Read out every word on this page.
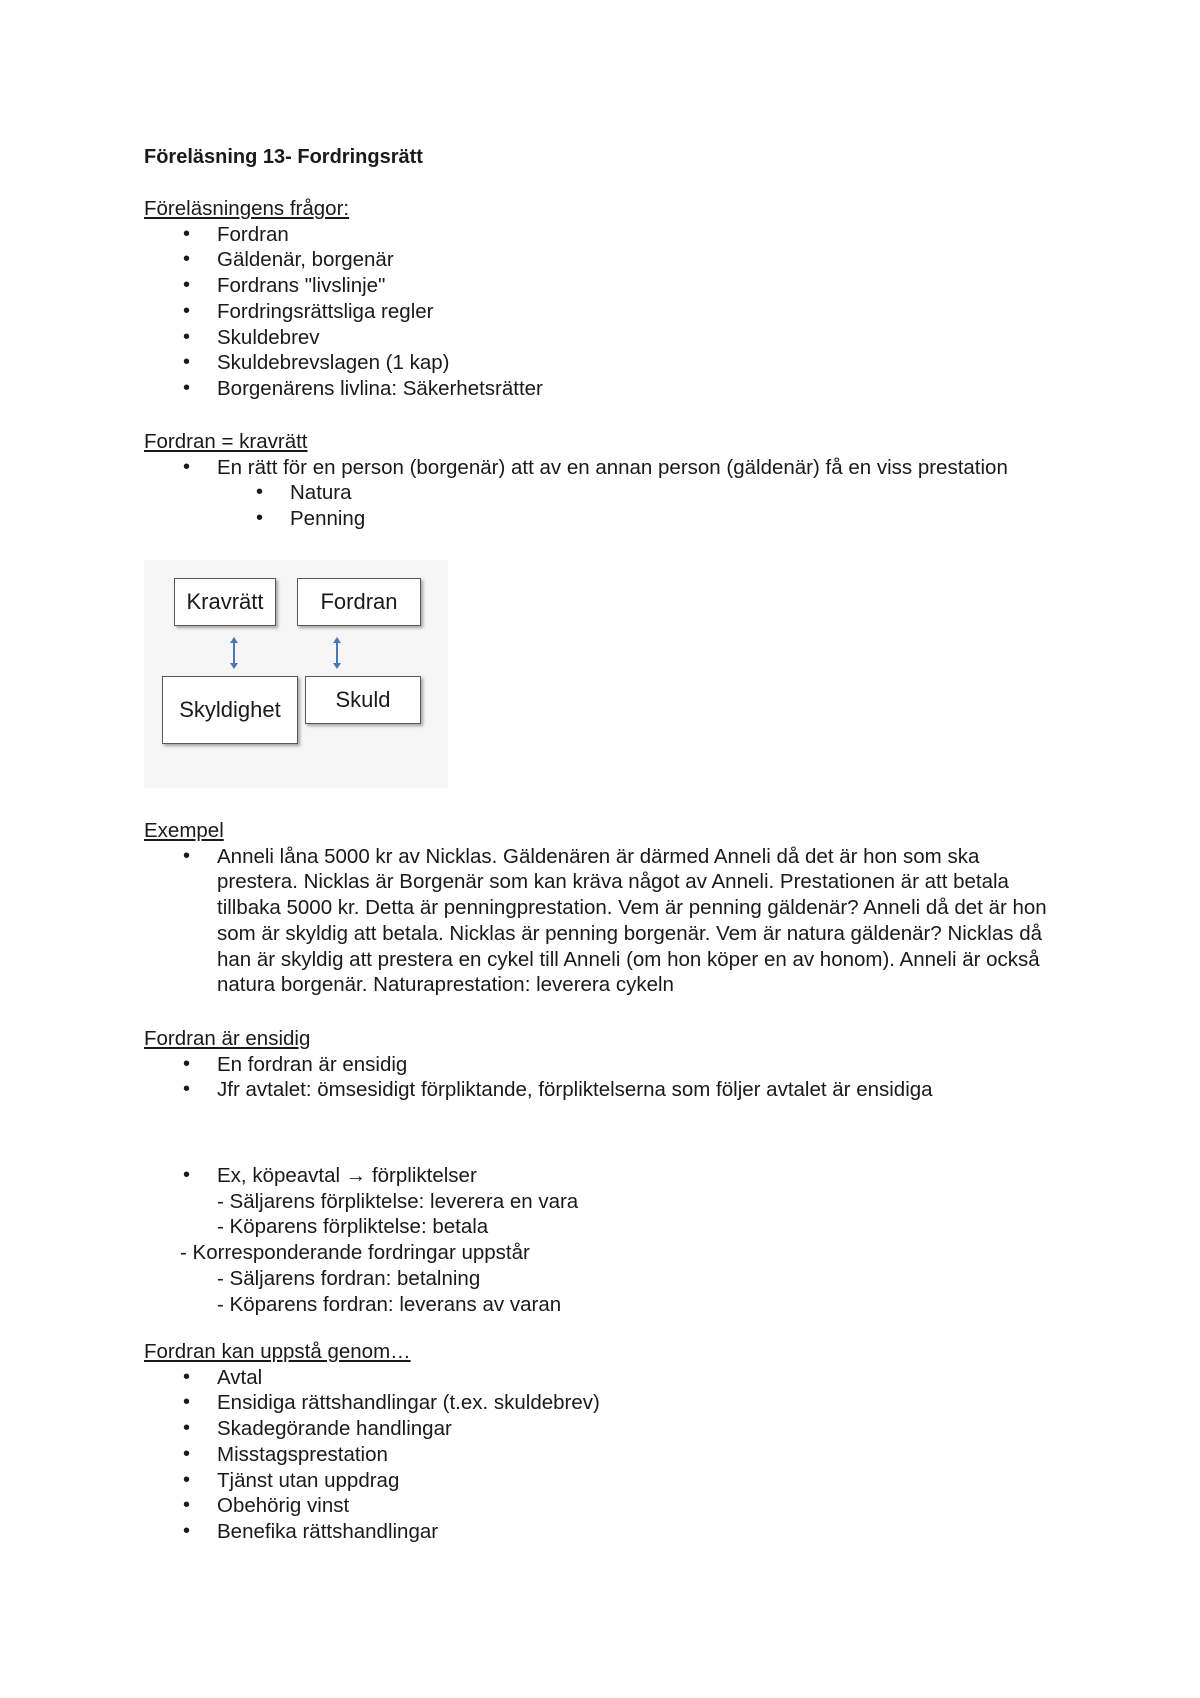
Föreläsning 13- Fordringsrätt

Föreläsningens frågor:

• Fordran
• Gäldenär, borgenär
• Fordrans "livslinje"
• Fordringsrättsliga regler
• Skuldebrev
• Skuldebrevslagen (1 kap)
• Borgenärens livlina: Säkerhetsrätter

Fordran = kravrätt

• En rätt för en person (borgenär) att av en annan person (gäldenär) få en viss prestation
• Natura
• Penning
Kravrätt	Fordran
Skyldighet	Skuld

Exempel

• Anneli låna 5000 kr av Nicklas. Gäldenären är därmed Anneli då det är hon som ska prestera. Nicklas är Borgenär som kan kräva något av Anneli. Prestationen är att betala tillbaka 5000 kr. Detta är penningprestation. Vem är penning gäldenär? Anneli då det är hon som är skyldig att betala. Nicklas är penning borgenär. Vem är natura gäldenär? Nicklas då han är skyldig att prestera en cykel till Anneli (om hon köper en av honom). Anneli är också natura borgenär. Naturaprestation: leverera cykeln

Fordran är ensidig

• En fordran är ensidig
• Jfr avtalet: ömsesidigt förpliktande, förpliktelserna som följer avtalet är ensidiga
• Ex, köpeavtal → förpliktelser

- Säljarens förpliktelse: leverera en vara

- Köparens förpliktelse: betala

- Korresponderande fordringar uppstår

- Säljarens fordran: betalning

- Köparens fordran: leverans av varan

Fordran kan uppstå genom…

• Avtal
• Ensidiga rättshandlingar (t.ex. skuldebrev)
• Skadegörande handlingar
• Misstagsprestation
• Tjänst utan uppdrag
• Obehörig vinst
• Benefika rättshandlingar
